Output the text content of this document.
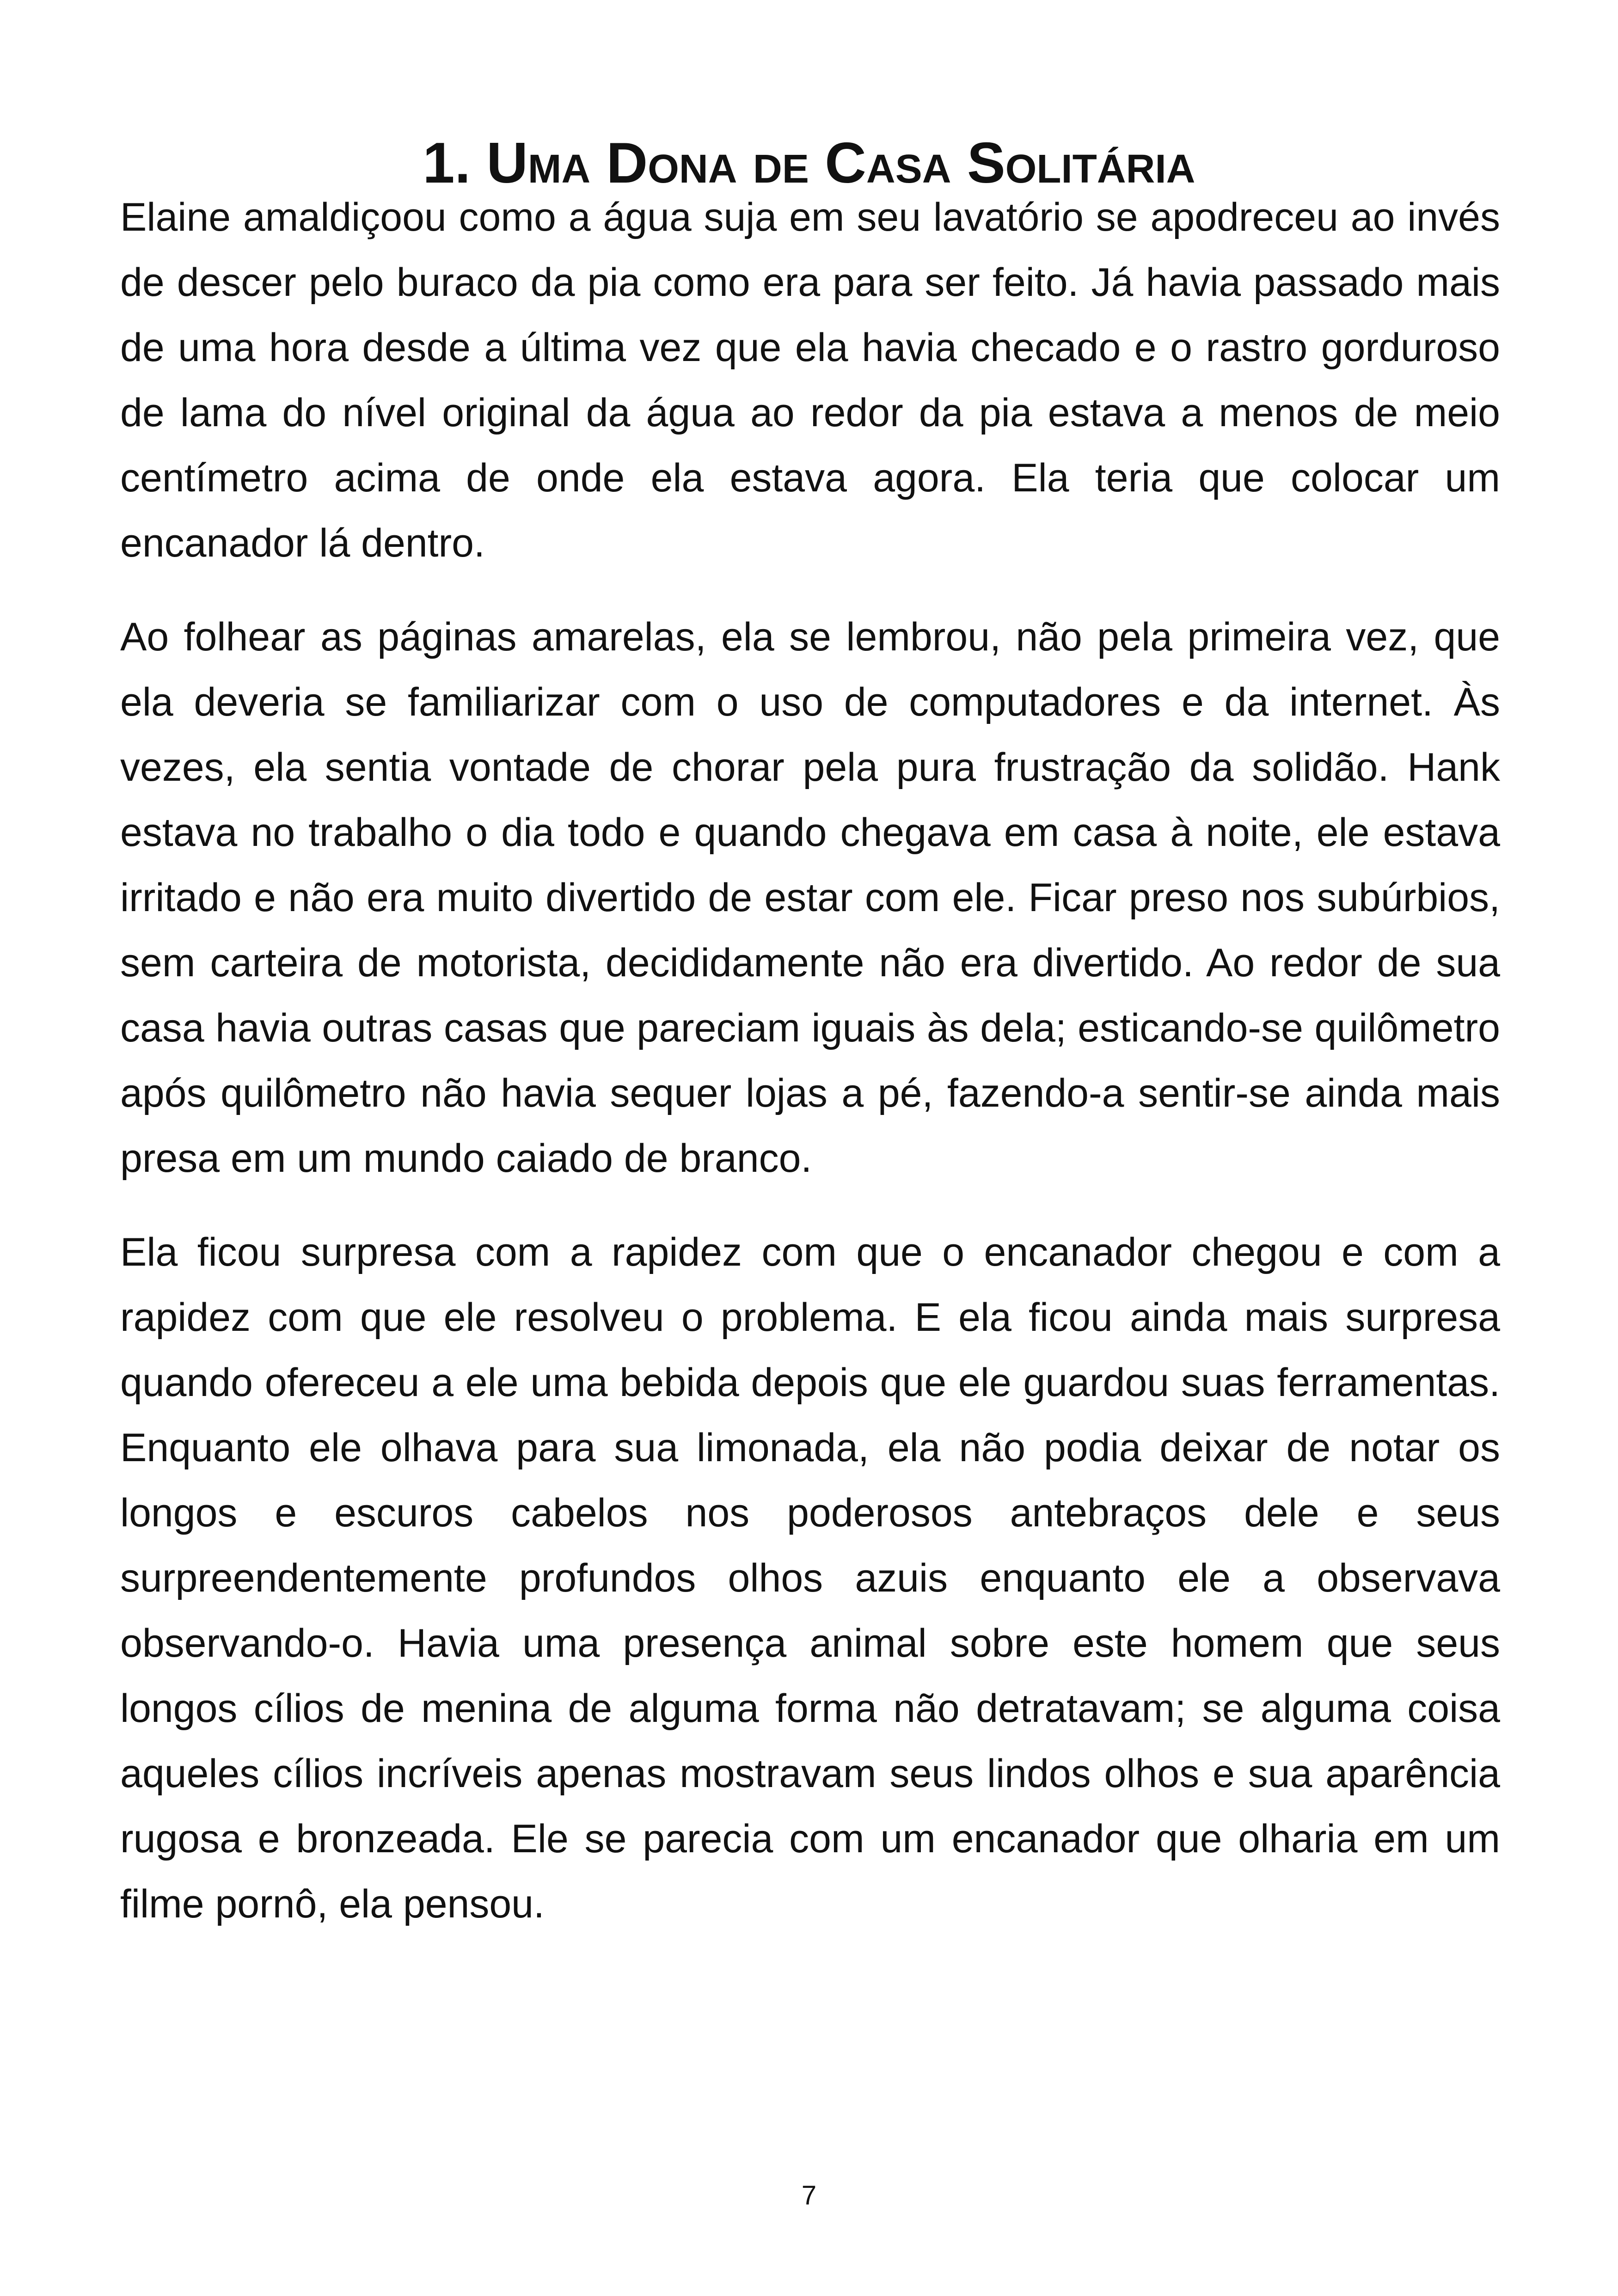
1. Uma Dona de Casa Solitária

Elaine amaldiçoou como a água suja em seu lavatório se apodreceu ao invés de descer pelo buraco da pia como era para ser feito. Já havia passado mais de uma hora desde a última vez que ela havia checado e o rastro gorduroso de lama do nível original da água ao redor da pia estava a menos de meio centímetro acima de onde ela estava agora. Ela teria que colocar um encanador lá dentro.

Ao folhear as páginas amarelas, ela se lembrou, não pela primeira vez, que ela deveria se familiarizar com o uso de computadores e da internet. Às vezes, ela sentia vontade de chorar pela pura frustração da solidão. Hank estava no trabalho o dia todo e quando chegava em casa à noite, ele estava irritado e não era muito divertido de estar com ele. Ficar preso nos subúrbios, sem carteira de motorista, decididamente não era divertido. Ao redor de sua casa havia outras casas que pareciam iguais às dela; esticando-se quilômetro após quilômetro não havia sequer lojas a pé, fazendo-a sentir-se ainda mais presa em um mundo caiado de branco.

Ela ficou surpresa com a rapidez com que o encanador chegou e com a rapidez com que ele resolveu o problema. E ela ficou ainda mais surpresa quando ofereceu a ele uma bebida depois que ele guardou suas ferramentas. Enquanto ele olhava para sua limonada, ela não podia deixar de notar os longos e escuros cabelos nos poderosos antebraços dele e seus surpreendentemente profundos olhos azuis enquanto ele a observava observando-o. Havia uma presença animal sobre este homem que seus longos cílios de menina de alguma forma não detratavam; se alguma coisa aqueles cílios incríveis apenas mostravam seus lindos olhos e sua aparência rugosa e bronzeada. Ele se parecia com um encanador que olharia em um filme pornô, ela pensou.

7
